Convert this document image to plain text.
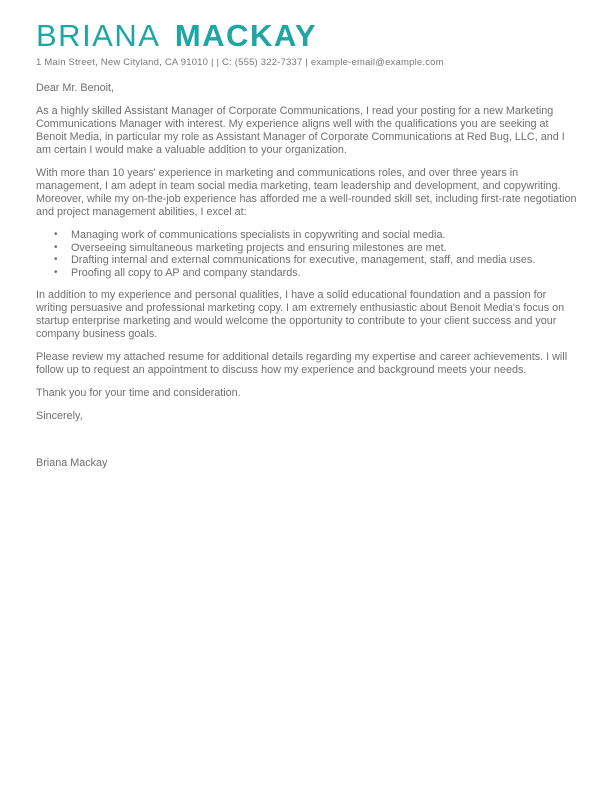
BRIANA MACKAY
1 Main Street, New Cityland, CA 91010 | | C: (555) 322-7337 | example-email@example.com

Dear Mr. Benoit,

As a highly skilled Assistant Manager of Corporate Communications, I read your posting for a new Marketing Communications Manager with interest. My experience aligns well with the qualifications you are seeking at Benoit Media, in particular my role as Assistant Manager of Corporate Communications at Red Bug, LLC, and I am certain I would make a valuable addition to your organization.

With more than 10 years' experience in marketing and communications roles, and over three years in management, I am adept in team social media marketing, team leadership and development, and copywriting. Moreover, while my on-the-job experience has afforded me a well-rounded skill set, including first-rate negotiation and project management abilities, I excel at:

• Managing work of communications specialists in copywriting and social media.
• Overseeing simultaneous marketing projects and ensuring milestones are met.
• Drafting internal and external communications for executive, management, staff, and media uses.
• Proofing all copy to AP and company standards.

In addition to my experience and personal qualities, I have a solid educational foundation and a passion for writing persuasive and professional marketing copy. I am extremely enthusiastic about Benoit Media's focus on startup enterprise marketing and would welcome the opportunity to contribute to your client success and your company business goals.

Please review my attached resume for additional details regarding my expertise and career achievements. I will follow up to request an appointment to discuss how my experience and background meets your needs.

Thank you for your time and consideration.

Sincerely,

Briana Mackay
